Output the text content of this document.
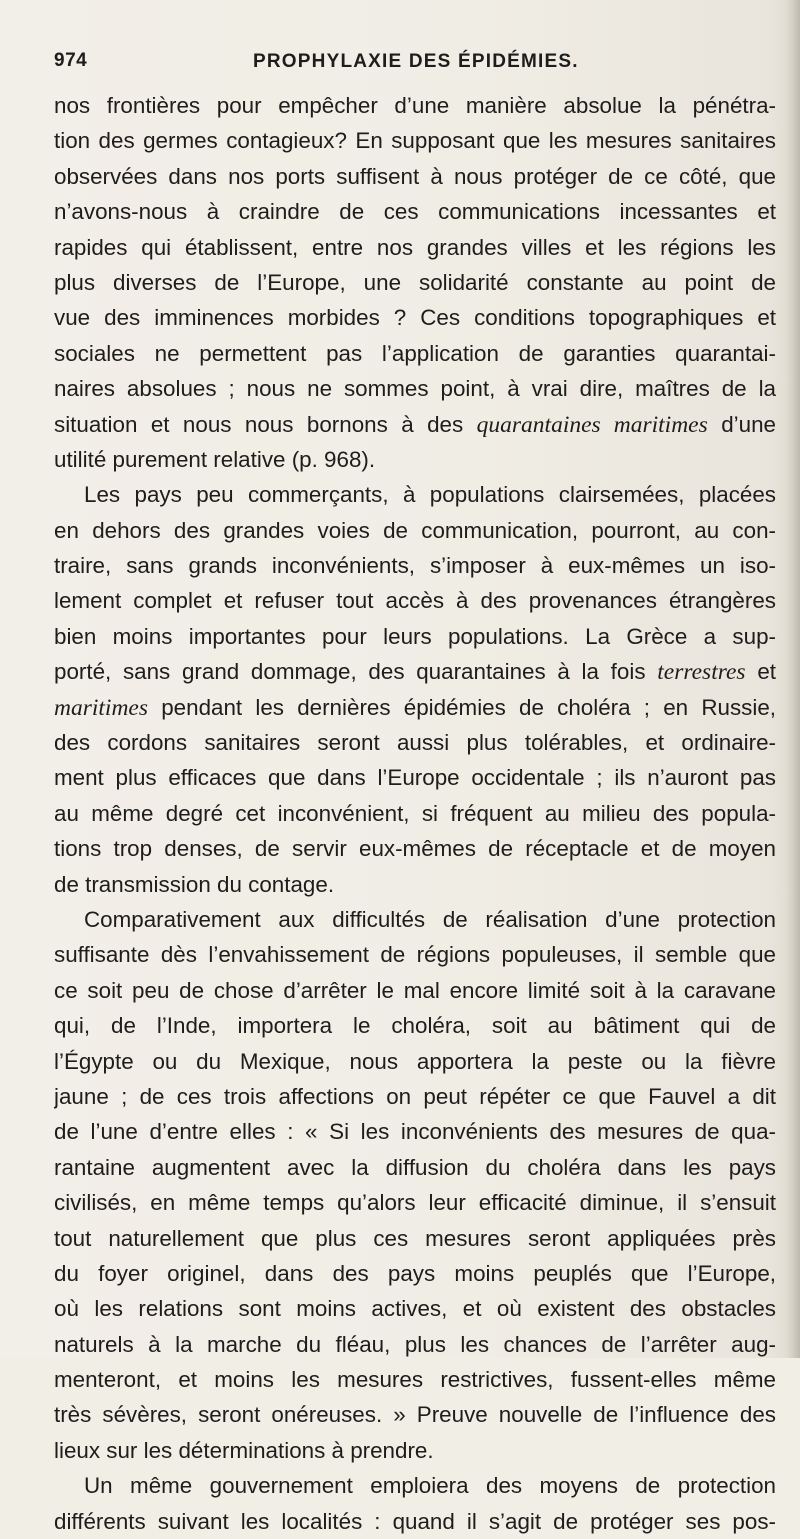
974	PROPHYLAXIE DES ÉPIDÉMIES.
nos frontières pour empêcher d’une manière absolue la pénétra-
tion des germes contagieux? En supposant que les mesures sanitaires
observées dans nos ports suffisent à nous protéger de ce côté, que
n’avons-nous à craindre de ces communications incessantes et
rapides qui établissent, entre nos grandes villes et les régions les
plus diverses de l’Europe, une solidarité constante au point de
vue des imminences morbides ? Ces conditions topographiques et
sociales ne permettent pas l’application de garanties quarantai-
naires absolues ; nous ne sommes point, à vrai dire, maîtres de la
situation et nous nous bornons à des quarantaines maritimes d’une
utilité purement relative (p. 968).
Les pays peu commerçants, à populations clairsemées, placées
en dehors des grandes voies de communication, pourront, au con-
traire, sans grands inconvénients, s’imposer à eux-mêmes un iso-
lement complet et refuser tout accès à des provenances étrangères
bien moins importantes pour leurs populations. La Grèce a sup-
porté, sans grand dommage, des quarantaines à la fois terrestres et
maritimes pendant les dernières épidémies de choléra ; en Russie,
des cordons sanitaires seront aussi plus tolérables, et ordinaire-
ment plus efficaces que dans l’Europe occidentale ; ils n’auront pas
au même degré cet inconvénient, si fréquent au milieu des popula-
tions trop denses, de servir eux-mêmes de réceptacle et de moyen
de transmission du contage.
Comparativement aux difficultés de réalisation d’une protection
suffisante dès l’envahissement de régions populeuses, il semble que
ce soit peu de chose d’arrêter le mal encore limité soit à la caravane
qui, de l’Inde, importera le choléra, soit au bâtiment qui de
l’Égypte ou du Mexique, nous apportera la peste ou la fièvre
jaune ; de ces trois affections on peut répéter ce que Fauvel a dit
de l’une d’entre elles : « Si les inconvénients des mesures de qua-
rantaine augmentent avec la diffusion du choléra dans les pays
civilisés, en même temps qu’alors leur efficacité diminue, il s’ensuit
tout naturellement que plus ces mesures seront appliquées près
du foyer originel, dans des pays moins peuplés que l’Europe,
où les relations sont moins actives, et où existent des obstacles
naturels à la marche du fléau, plus les chances de l’arrêter aug-
menteront, et moins les mesures restrictives, fussent-elles même
très sévères, seront onéreuses. » Preuve nouvelle de l’influence des
lieux sur les déterminations à prendre.
Un même gouvernement emploiera des moyens de protection
différents suivant les localités : quand il s’agit de protéger ses pos-
